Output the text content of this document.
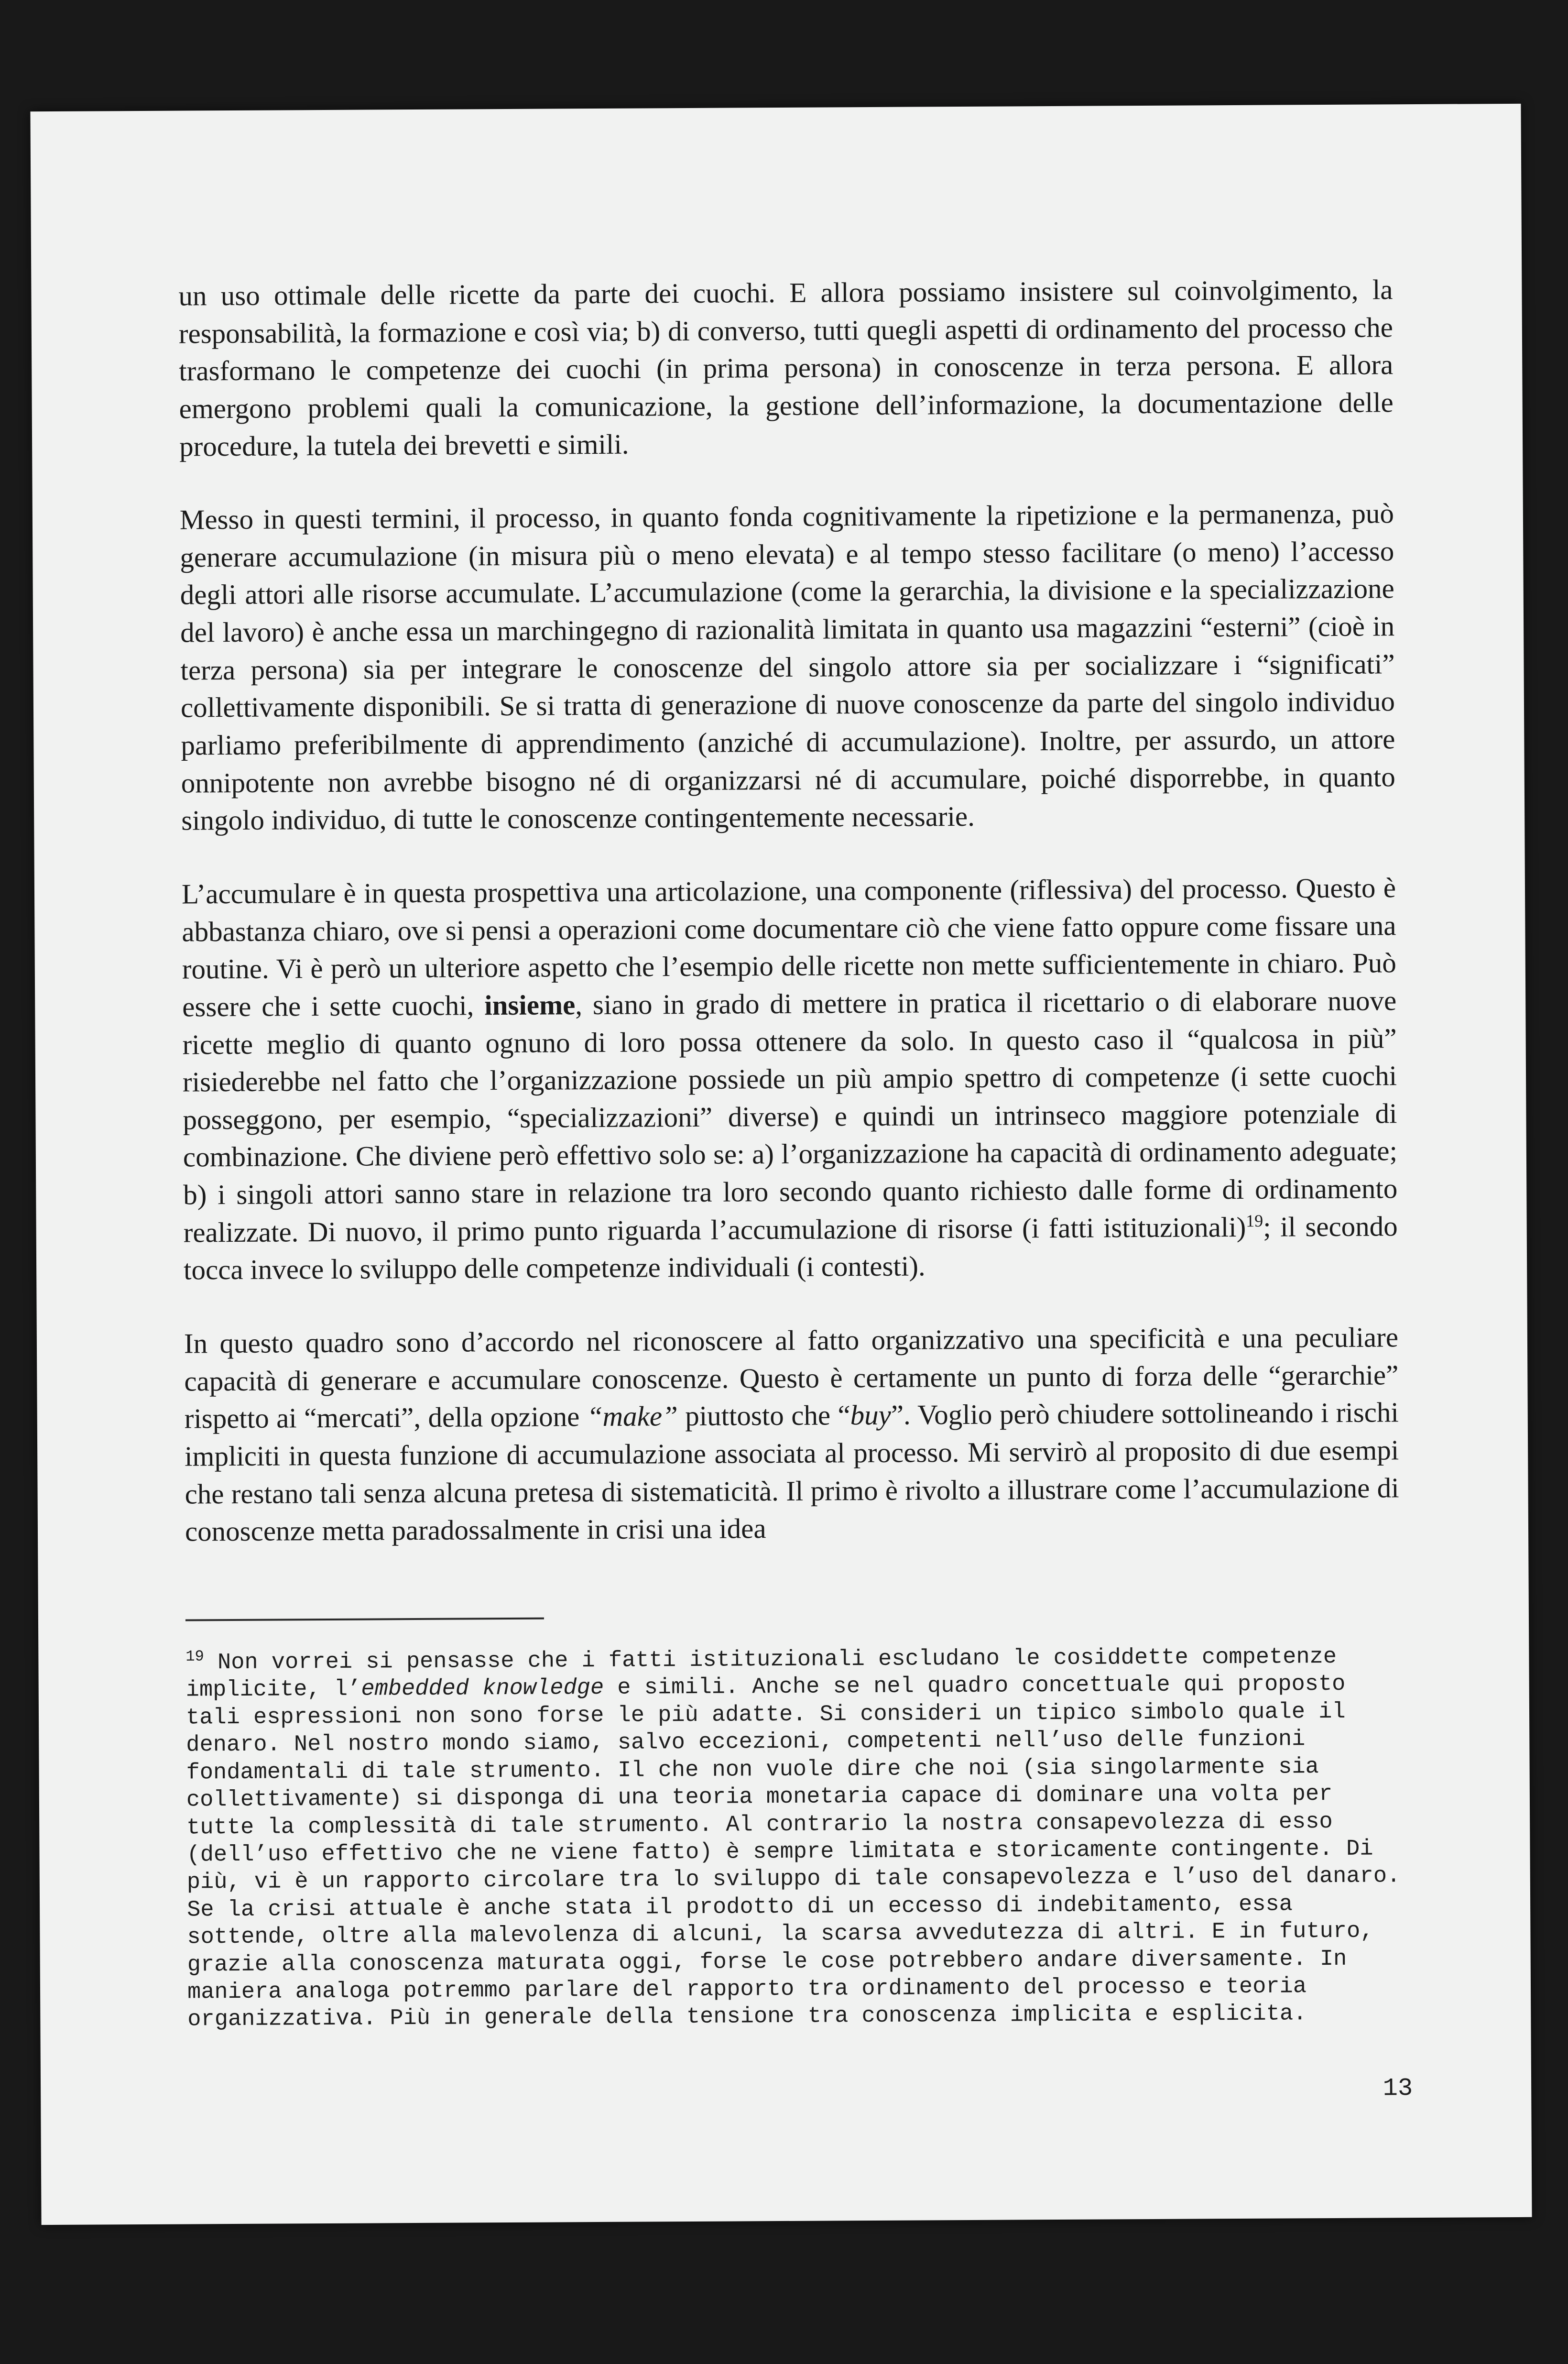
un uso ottimale delle ricette da parte dei cuochi. E allora possiamo insistere sul coinvolgimento, la responsabilità, la formazione e così via; b) di converso, tutti quegli aspetti di ordinamento del processo che trasformano le competenze dei cuochi (in prima persona) in conoscenze in terza persona. E allora emergono problemi quali la comunicazione, la gestione dell’informazione, la documentazione delle procedure, la tutela dei brevetti e simili.

Messo in questi termini, il processo, in quanto fonda cognitivamente la ripetizione e la permanenza, può generare accumulazione (in misura più o meno elevata) e al tempo stesso facilitare (o meno) l’accesso degli attori alle risorse accumulate. L’accumulazione (come la gerarchia, la divisione e la specializzazione del lavoro) è anche essa un marchingegno di razionalità limitata in quanto usa magazzini “esterni” (cioè in terza persona) sia per integrare le conoscenze del singolo attore sia per socializzare i “significati” collettivamente disponibili. Se si tratta di generazione di nuove conoscenze da parte del singolo individuo parliamo preferibilmente di apprendimento (anziché di accumulazione). Inoltre, per assurdo, un attore onnipotente non avrebbe bisogno né di organizzarsi né di accumulare, poiché disporrebbe, in quanto singolo individuo, di tutte le conoscenze contingentemente necessarie.

L’accumulare è in questa prospettiva una articolazione, una componente (riflessiva) del processo. Questo è abbastanza chiaro, ove si pensi a operazioni come documentare ciò che viene fatto oppure come fissare una routine. Vi è però un ulteriore aspetto che l’esempio delle ricette non mette sufficientemente in chiaro. Può essere che i sette cuochi, insieme, siano in grado di mettere in pratica il ricettario o di elaborare nuove ricette meglio di quanto ognuno di loro possa ottenere da solo. In questo caso il “qualcosa in più” risiederebbe nel fatto che l’organizzazione possiede un più ampio spettro di competenze (i sette cuochi posseggono, per esempio, “specializzazioni” diverse) e quindi un intrinseco maggiore potenziale di combinazione. Che diviene però effettivo solo se: a) l’organizzazione ha capacità di ordinamento adeguate; b) i singoli attori sanno stare in relazione tra loro secondo quanto richiesto dalle forme di ordinamento realizzate. Di nuovo, il primo punto riguarda l’accumulazione di risorse (i fatti istituzionali)$^{19}$; il secondo tocca invece lo sviluppo delle competenze individuali (i contesti).

In questo quadro sono d’accordo nel riconoscere al fatto organizzativo una specificità e una peculiare capacità di generare e accumulare conoscenze. Questo è certamente un punto di forza delle “gerarchie” rispetto ai “mercati”, della opzione “make” piuttosto che “buy”. Voglio però chiudere sottolineando i rischi impliciti in questa funzione di accumulazione associata al processo. Mi servirò al proposito di due esempi che restano tali senza alcuna pretesa di sistematicità. Il primo è rivolto a illustrare come l’accumulazione di conoscenze metta paradossalmente in crisi una idea

$^{19}$ Non vorrei si pensasse che i fatti istituzionali escludano le cosiddette competenze implicite, l’embedded knowledge e simili. Anche se nel quadro concettuale qui proposto tali espressioni non sono forse le più adatte. Si consideri un tipico simbolo quale il denaro. Nel nostro mondo siamo, salvo eccezioni, competenti nell’uso delle funzioni fondamentali di tale strumento. Il che non vuole dire che noi (sia singolarmente sia collettivamente) si disponga di una teoria monetaria capace di dominare una volta per tutte la complessità di tale strumento. Al contrario la nostra consapevolezza di esso (dell’uso effettivo che ne viene fatto) è sempre limitata e storicamente contingente. Di più, vi è un rapporto circolare tra lo sviluppo di tale consapevolezza e l’uso del danaro. Se la crisi attuale è anche stata il prodotto di un eccesso di indebitamento, essa sottende, oltre alla malevolenza di alcuni, la scarsa avvedutezza di altri. E in futuro, grazie alla conoscenza maturata oggi, forse le cose potrebbero andare diversamente. In maniera analoga potremmo parlare del rapporto tra ordinamento del processo e teoria organizzativa. Più in generale della tensione tra conoscenza implicita e esplicita.
13
